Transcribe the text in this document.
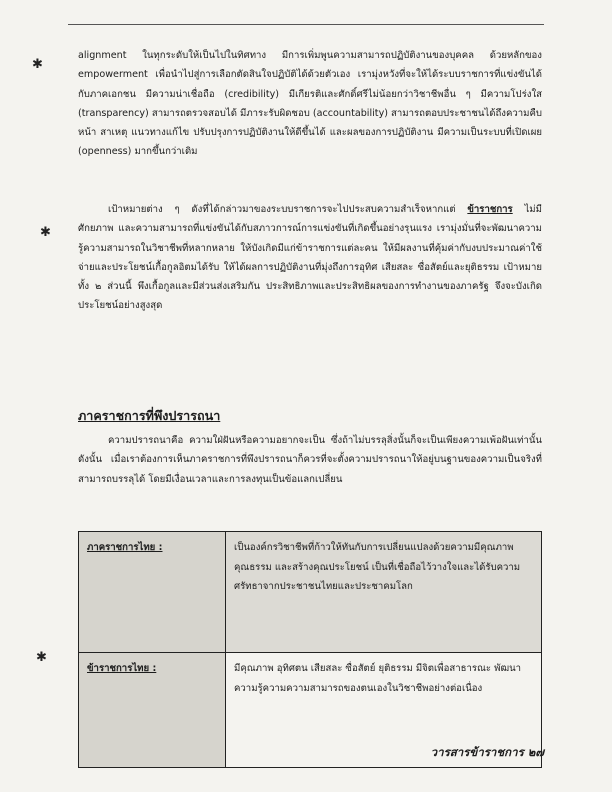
✱
✱
✱

alignment ในทุกระดับให้เป็นไปในทิศทาง มีการเพิ่มพูนความสามารถปฏิบัติงานของบุคคล ด้วยหลักของ empowerment เพื่อนำไปสู่การเลือกตัดสินใจปฏิบัติได้ด้วยตัวเอง เรามุ่งหวังที่จะให้ได้ระบบราชการที่แข่งขันได้กับภาคเอกชน มีความน่าเชื่อถือ (credibility) มีเกียรติและศักดิ์ศรีไม่น้อยกว่าวิชาชีพอื่น ๆ มีความโปร่งใส (transparency) สามารถตรวจสอบได้ มีภาระรับผิดชอบ (accountability) สามารถตอบประชาชนได้ถึงความคืบหน้า สาเหตุ แนวทางแก้ไข ปรับปรุงการปฏิบัติงานให้ดีขึ้นได้ และผลของการปฏิบัติงาน มีความเป็นระบบที่เปิดเผย (openness) มากขึ้นกว่าเดิม

เป้าหมายต่าง ๆ ดังที่ได้กล่าวมาของระบบราชการจะไปประสบความสำเร็จหากแต่ ข้าราชการ ไม่มีศักยภาพ และความสามารถที่แข่งขันได้กับสภาวการณ์การแข่งขันที่เกิดขึ้นอย่างรุนแรง เรามุ่งมั่นที่จะพัฒนาความรู้ความสามารถในวิชาชีพที่หลากหลาย ให้บังเกิดมีแก่ข้าราชการแต่ละคน ให้มีผลงานที่คุ้มค่ากับงบประมาณค่าใช้จ่ายและประโยชน์เกื้อกูลอิตมได้รับ ให้ได้ผลการปฏิบัติงานที่มุ่งถึงการอุทิศ เสียสละ ซื่อสัตย์และยุติธรรม เป้าหมายทั้ง ๒ ส่วนนี้ พึงเกื้อกูลและมีส่วนส่งเสริมกัน ประสิทธิภาพและประสิทธิผลของการทำงานของภาครัฐ จึงจะบังเกิดประโยชน์อย่างสูงสุด

ภาคราชการที่พึงปรารถนา

ความปรารถนาคือ ความใฝ่ฝันหรือความอยากจะเป็น ซึ่งถ้าไม่บรรลุสิ่งนั้นก็จะเป็นเพียงความเพ้อฝันเท่านั้น ดังนั้น เมื่อเราต้องการเห็นภาคราชการที่พึงปรารถนาก็ควรที่จะตั้งความปรารถนาให้อยู่บนฐานของความเป็นจริงที่สามารถบรรลุได้ โดยมีเงื่อนเวลาและการลงทุนเป็นข้อแลกเปลี่ยน

ภาคราชการไทย :	เป็นองค์กรวิชาชีพที่ก้าวให้ทันกับการเปลี่ยนแปลงด้วยความมีคุณภาพ คุณธรรม และสร้างคุณประโยชน์ เป็นที่เชื่อถือไว้วางใจและได้รับความศรัทธาจากประชาชนไทยและประชาคมโลก
ข้าราชการไทย :	มีคุณภาพ อุทิศตน เสียสละ ซื่อสัตย์ ยุติธรรม มีจิตเพื่อสาธารณะ พัฒนาความรู้ความความสามารถของตนเองในวิชาชีพอย่างต่อเนื่อง
วารสารข้าราชการ ๒๗
